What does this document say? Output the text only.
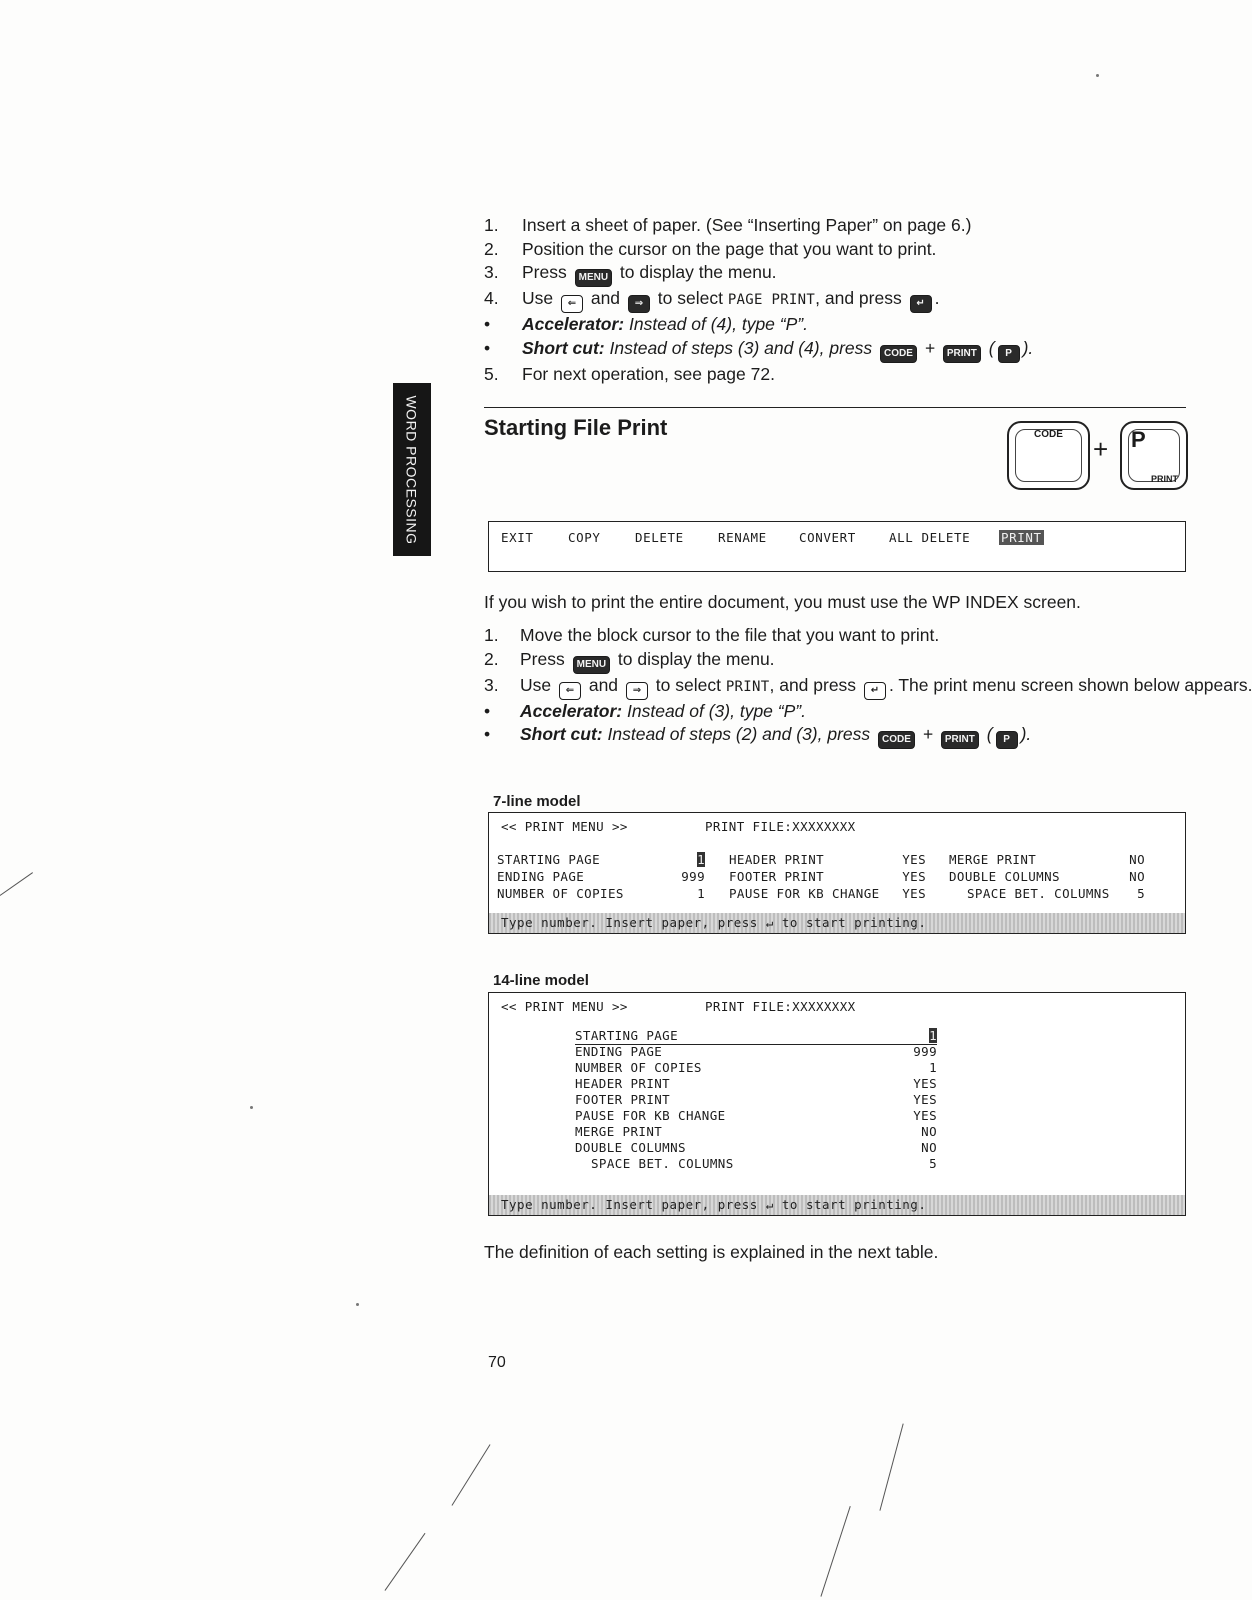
WORD PROCESSING
1.	Insert a sheet of paper. (See “Inserting Paper” on page 6.)
2.	Position the cursor on the page that you want to print.
3.	Press MENU to display the menu.
4.	Use ⇐ and ⇒ to select PAGE PRINT, and press ↵ .
•	Accelerator: Instead of (4), type “P”.
•	Short cut: Instead of steps (3) and (4), press CODE + PRINT ( P ).
5.	For next operation, see page 72.
Starting File Print	CODE	+ P
PRINT
EXIT	COPY	DELETE	RENAME	CONVERT	ALL DELETE	PRINT
If you wish to print the entire document, you must use the WP INDEX screen.
1.	Move the block cursor to the file that you want to print.
2.	Press MENU to display the menu.
3.	Use ⇐ and ⇒ to select PRINT, and press ↵ . The print menu screen shown below appears.
•	Accelerator: Instead of (3), type “P”.
•	Short cut: Instead of steps (2) and (3), press CODE + PRINT ( P ).
7-line model
<< PRINT MENU >>	PRINT FILE:XXXXXXXX
STARTING PAGE	1 HEADER PRINT	YES MERGE PRINT	NO
ENDING PAGE	999 FOOTER PRINT	YES DOUBLE COLUMNS	NO
NUMBER OF COPIES	1 PAUSE FOR KB CHANGE	YES	SPACE BET. COLUMNS	5
Type number. Insert paper, press ↵ to start printing.
14-line model
<< PRINT MENU >>	PRINT FILE:XXXXXXXX
STARTING PAGE	1
ENDING PAGE	999
NUMBER OF COPIES	1
HEADER PRINT	YES
FOOTER PRINT	YES
PAUSE FOR KB CHANGE	YES
MERGE PRINT	NO
DOUBLE COLUMNS	NO
SPACE BET. COLUMNS	5
Type number. Insert paper, press ↵ to start printing.
The definition of each setting is explained in the next table.
70
